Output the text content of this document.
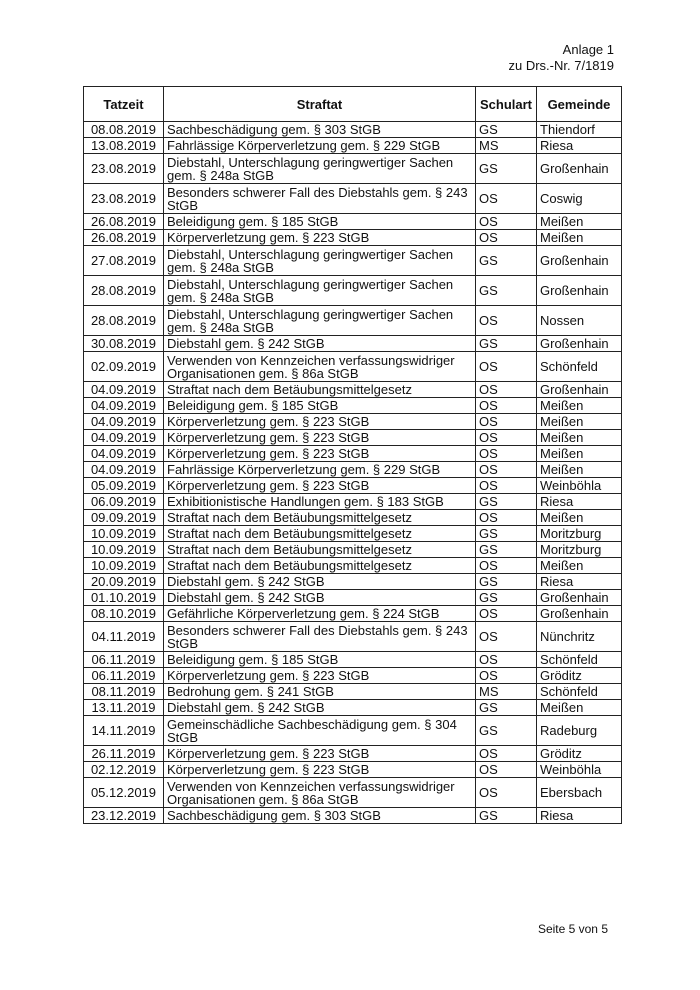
Anlage 1
zu Drs.-Nr. 7/1819
Tatzeit	Straftat	Schulart	Gemeinde
08.08.2019	Sachbeschädigung gem. § 303 StGB	GS	Thiendorf
13.08.2019	Fahrlässige Körperverletzung gem. § 229 StGB	MS	Riesa
23.08.2019	Diebstahl, Unterschlagung geringwertiger Sachen gem. § 248a StGB	GS	Großenhain
23.08.2019	Besonders schwerer Fall des Diebstahls gem. § 243 StGB	OS	Coswig
26.08.2019	Beleidigung gem. § 185 StGB	OS	Meißen
26.08.2019	Körperverletzung gem. § 223 StGB	OS	Meißen
27.08.2019	Diebstahl, Unterschlagung geringwertiger Sachen gem. § 248a StGB	GS	Großenhain
28.08.2019	Diebstahl, Unterschlagung geringwertiger Sachen gem. § 248a StGB	GS	Großenhain
28.08.2019	Diebstahl, Unterschlagung geringwertiger Sachen gem. § 248a StGB	OS	Nossen
30.08.2019	Diebstahl gem. § 242 StGB	GS	Großenhain
02.09.2019	Verwenden von Kennzeichen verfassungswidriger Organisationen gem. § 86a StGB	OS	Schönfeld
04.09.2019	Straftat nach dem Betäubungsmittelgesetz	OS	Großenhain
04.09.2019	Beleidigung gem. § 185 StGB	OS	Meißen
04.09.2019	Körperverletzung gem. § 223 StGB	OS	Meißen
04.09.2019	Körperverletzung gem. § 223 StGB	OS	Meißen
04.09.2019	Körperverletzung gem. § 223 StGB	OS	Meißen
04.09.2019	Fahrlässige Körperverletzung gem. § 229 StGB	OS	Meißen
05.09.2019	Körperverletzung gem. § 223 StGB	OS	Weinböhla
06.09.2019	Exhibitionistische Handlungen gem. § 183 StGB	GS	Riesa
09.09.2019	Straftat nach dem Betäubungsmittelgesetz	OS	Meißen
10.09.2019	Straftat nach dem Betäubungsmittelgesetz	GS	Moritzburg
10.09.2019	Straftat nach dem Betäubungsmittelgesetz	GS	Moritzburg
10.09.2019	Straftat nach dem Betäubungsmittelgesetz	OS	Meißen
20.09.2019	Diebstahl gem. § 242 StGB	GS	Riesa
01.10.2019	Diebstahl gem. § 242 StGB	GS	Großenhain
08.10.2019	Gefährliche Körperverletzung gem. § 224 StGB	OS	Großenhain
04.11.2019	Besonders schwerer Fall des Diebstahls gem. § 243 StGB	OS	Nünchritz
06.11.2019	Beleidigung gem. § 185 StGB	OS	Schönfeld
06.11.2019	Körperverletzung gem. § 223 StGB	OS	Gröditz
08.11.2019	Bedrohung gem. § 241 StGB	MS	Schönfeld
13.11.2019	Diebstahl gem. § 242 StGB	GS	Meißen
14.11.2019	Gemeinschädliche Sachbeschädigung gem. § 304 StGB	GS	Radeburg
26.11.2019	Körperverletzung gem. § 223 StGB	OS	Gröditz
02.12.2019	Körperverletzung gem. § 223 StGB	OS	Weinböhla
05.12.2019	Verwenden von Kennzeichen verfassungswidriger Organisationen gem. § 86a StGB	OS	Ebersbach
23.12.2019	Sachbeschädigung gem. § 303 StGB	GS	Riesa
Seite 5 von 5
